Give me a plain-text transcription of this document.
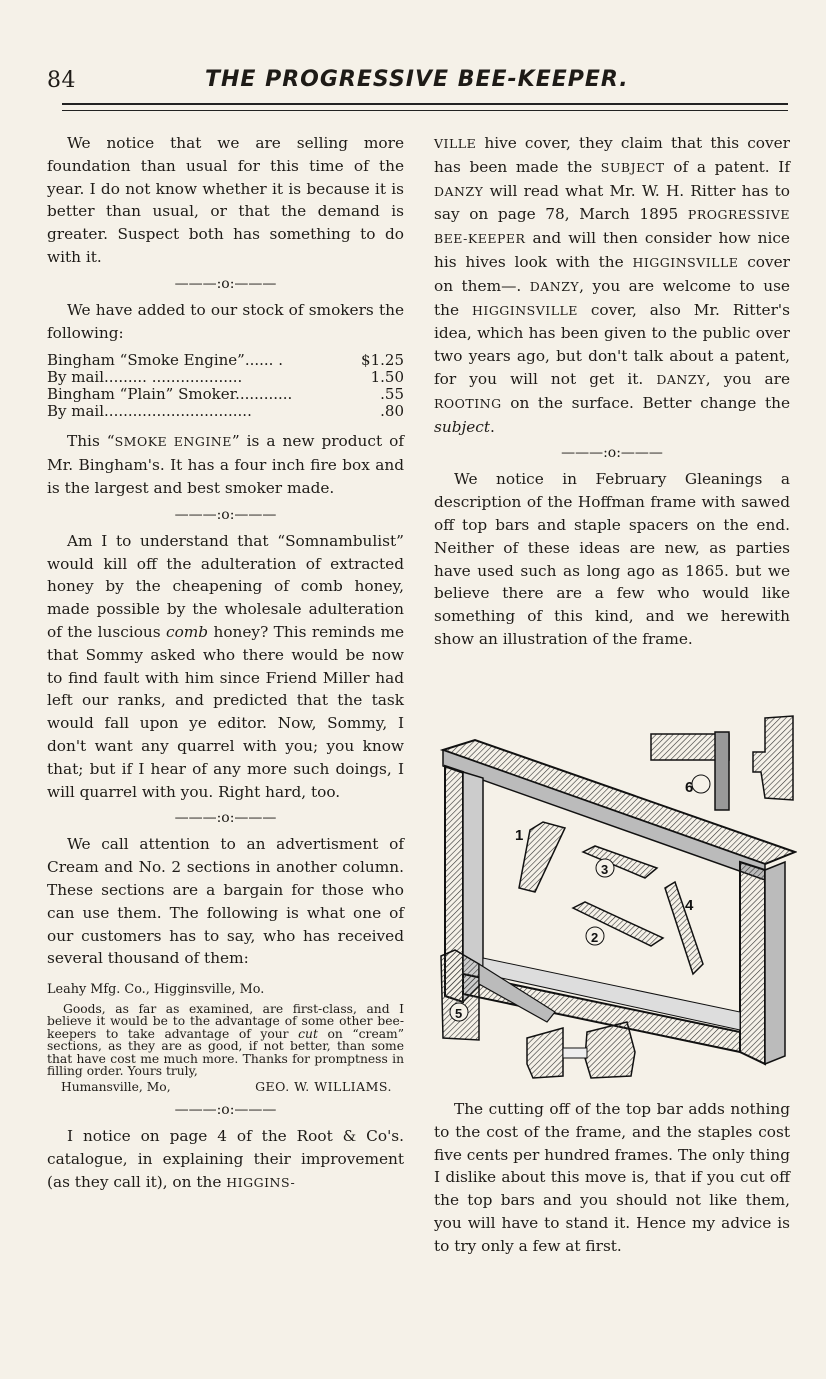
84	THE PROGRESSIVE BEE-KEEPER.

We notice that we are selling more foundation than usual for this time of the year. I do not know whether it is because it is better than usual, or that the demand is greater. Suspect both has something to do with it.

———:o:———

We have added to our stock of smokers the following:

Bingham “Smoke Engine”...... .	$1.25
By mail......... ...................	1.50
Bingham “Plain” Smoker............	.55
By mail...............................	.80

This “SMOKE ENGINE” is a new product of Mr. Bingham's. It has a four inch fire box and is the largest and best smoker made.

———:o:———

Am I to understand that “Somnambulist” would kill off the adulteration of extracted honey by the cheapening of comb honey, made possible by the wholesale adulteration of the luscious comb honey? This reminds me that Sommy asked who there would be now to find fault with him since Friend Miller had left our ranks, and predicted that the task would fall upon ye editor. Now, Sommy, I don't want any quarrel with you; you know that; but if I hear of any more such doings, I will quarrel with you. Right hard, too.

———:o:———

We call attention to an advertisment of Cream and No. 2 sections in another column. These sections are a bargain for those who can use them. The following is what one of our customers has to say, who has received several thousand of them:

Leahy Mfg. Co., Higginsville, Mo.
Goods, as far as examined, are first-class, and I believe it would be to the advantage of some other bee-keepers to take advantage of your cut on “cream” sections, as they are as good, if not better, than some that have cost me much more. Thanks for promptness in filling order. Yours truly,
Humansville, Mo,	GEO. W. WILLIAMS.
———:o:———

I notice on page 4 of the Root & Co's. catalogue, in explaining their improvement (as they call it), on the HIGGINS-

VILLE hive cover, they claim that this cover has been made the SUBJECT of a patent. If DANZY will read what Mr. W. H. Ritter has to say on page 78, March 1895 PROGRESSIVE BEE-KEEPER and will then consider how nice his hives look with the HIGGINSVILLE cover on them—. DANZY, you are welcome to use the HIGGINSVILLE cover, also Mr. Ritter's idea, which has been given to the public over two years ago, but don't talk about a patent, for you will not get it. DANZY, you are ROOTING on the surface. Better change the subject.

———:o:———

We notice in February Gleanings a description of the Hoffman frame with sawed off top bars and staple spacers on the end. Neither of these ideas are new, as parties have used such as long ago as 1865. but we believe there are a few who would like something of this kind, and we herewith show an illustration of the frame.

1
2
3
4
5
6

The cutting off of the top bar adds nothing to the cost of the frame, and the staples cost five cents per hundred frames. The only thing I dislike about this move is, that if you cut off the top bars and you should not like them, you will have to stand it. Hence my advice is to try only a few at first.
